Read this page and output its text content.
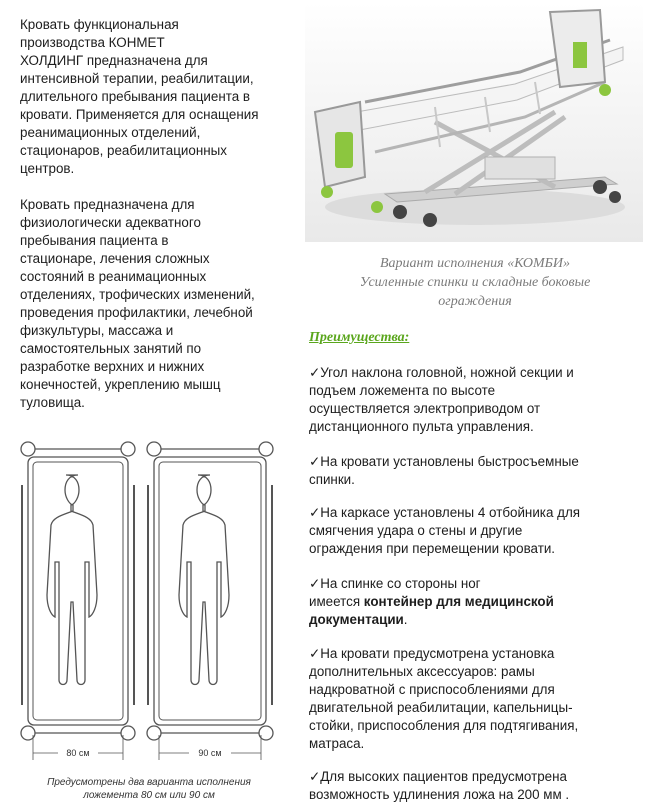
Кровать функциональная
производства КОНМЕТ
ХОЛДИНГ предназначена для
интенсивной терапии, реабилитации,
длительного пребывания пациента в
кровати. Применяется для оснащения
реанимационных отделений,
стационаров, реабилитационных
центров.
Кровать предназначена для
физиологически адекватного
пребывания пациента в
стационаре, лечения сложных
состояний в реанимационных
отделениях, трофических изменений,
проведения профилактики, лечебной
физкультуры, массажа и
самостоятельных занятий по
разработке верхних и нижних
конечностей, укреплению мышц
туловища.
Вариант исполнения «КОМБИ»
Усиленные спинки и складные боковые
ограждения
Преимущества:
✓Угол наклона головной, ножной секции и
подъем ложемента по высоте
осуществляется электроприводом от
дистанционного пульта управления.
✓На кровати установлены быстросъемные
спинки.
✓На каркасе установлены 4 отбойника для
смягчения удара о стены и другие
ограждения при перемещении кровати.
✓На спинке со стороны ног
имеется контейнер для медицинской
документации.
✓На кровати предусмотрена установка
дополнительных аксессуаров: рамы
надкроватной с приспособлениями для
двигательной реабилитации, капельницы-
стойки, приспособления для подтягивания,
матраса.
✓Для высоких пациентов предусмотрена
возможность удлинения ложа на 200 мм .
80 см	90 см
Предусмотрены два варианта исполнения
ложемента 80 см или 90 см
